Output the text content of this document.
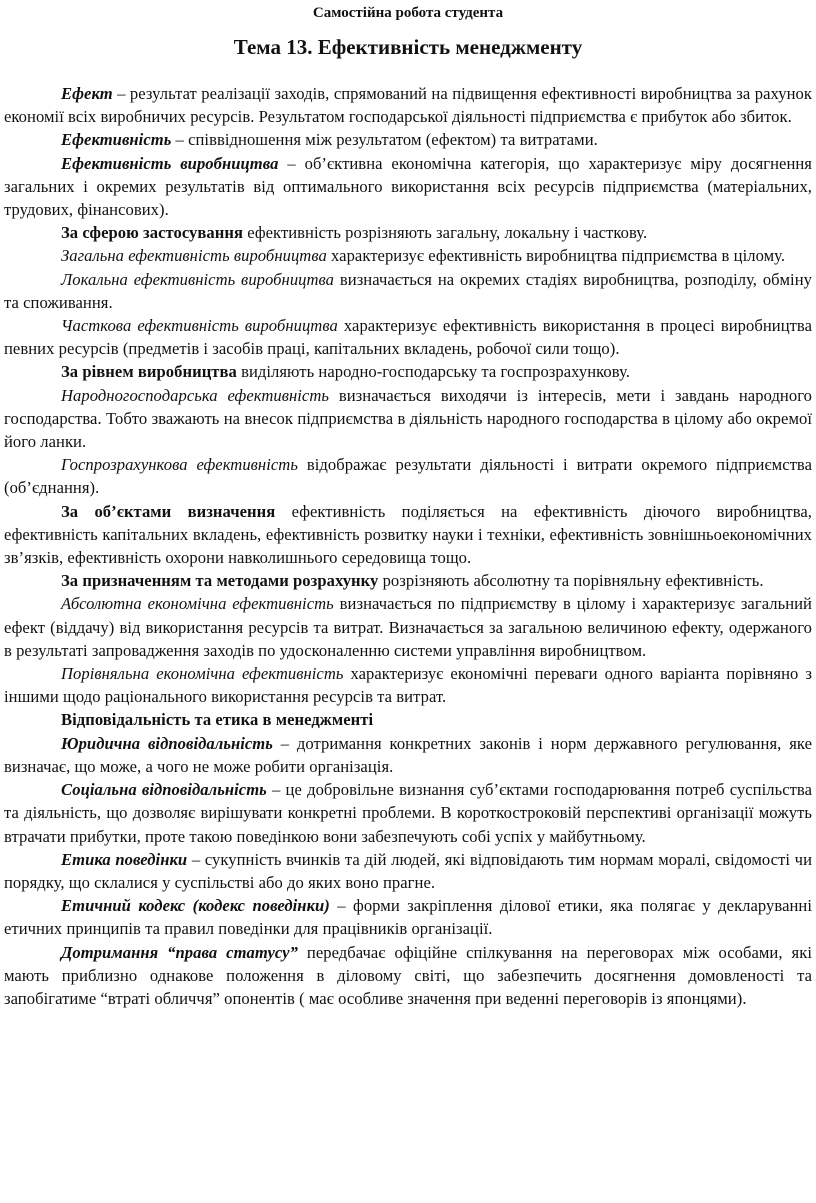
Самостійна робота студента

Тема 13. Ефективність менеджменту

Ефект – результат реалізації заходів, спрямований на підвищення ефективності виробництва за рахунок економії всіх виробничих ресурсів. Результатом господарської діяльності підприємства є прибуток або збиток.

Ефективність – співвідношення між результатом (ефектом) та витратами.

Ефективність виробництва – об’єктивна економічна категорія, що характеризує міру досягнення загальних і окремих результатів від оптимального використання всіх ресурсів підприємства (матеріальних, трудових, фінансових).

За сферою застосування ефективність розрізняють загальну, локальну і часткову.

Загальна ефективність виробництва характеризує ефективність виробництва підприємства в цілому.

Локальна ефективність виробництва визначається на окремих стадіях виробництва, розподілу, обміну та споживання.

Часткова ефективність виробництва характеризує ефективність використання в процесі виробництва певних ресурсів (предметів і засобів праці, капітальних вкладень, робочої сили тощо).

За рівнем виробництва виділяють народно-господарську та госпрозрахункову.

Народногосподарська ефективність визначається виходячи із інтересів, мети і завдань народного господарства. Тобто зважають на внесок підприємства в діяльність народного господарства в цілому або окремої його ланки.

Госпрозрахункова ефективність відображає результати діяльності і витрати окремого підприємства (об’єднання).

За об’єктами визначення ефективність поділяється на ефективність діючого виробництва, ефективність капітальних вкладень, ефективність розвитку науки і техніки, ефективність зовнішньоекономічних зв’язків, ефективність охорони навколишнього середовища тощо.

За призначенням та методами розрахунку розрізняють абсолютну та порівняльну ефективність.

Абсолютна економічна ефективність визначається по підприємству в цілому і характеризує загальний ефект (віддачу) від використання ресурсів та витрат. Визначається за загальною величиною ефекту, одержаного в результаті запровадження заходів по удосконаленню системи управління виробництвом.

Порівняльна економічна ефективність характеризує економічні переваги одного варіанта порівняно з іншими щодо раціонального використання ресурсів та витрат.

Відповідальність та етика в менеджменті

Юридична відповідальність – дотримання конкретних законів і норм державного регулювання, яке визначає, що може, а чого не може робити організація.

Соціальна відповідальність – це добровільне визнання суб’єктами господарювання потреб суспільства та діяльність, що дозволяє вирішувати конкретні проблеми. В короткостроковій перспективі організації можуть втрачати прибутки, проте такою поведінкою вони забезпечують собі успіх у майбутньому.

Етика поведінки – сукупність вчинків та дій людей, які відповідають тим нормам моралі, свідомості чи порядку, що склалися у суспільстві або до яких воно прагне.

Етичний кодекс (кодекс поведінки) – форми закріплення ділової етики, яка полягає у декларуванні етичних принципів та правил поведінки для працівників організації.

Дотримання “права статусу” передбачає офіційне спілкування на переговорах між особами, які мають приблизно однакове положення в діловому світі, що забезпечить досягнення домовленості та запобігатиме “втраті обличчя” опонентів ( має особливе значення при веденні переговорів із японцями).
